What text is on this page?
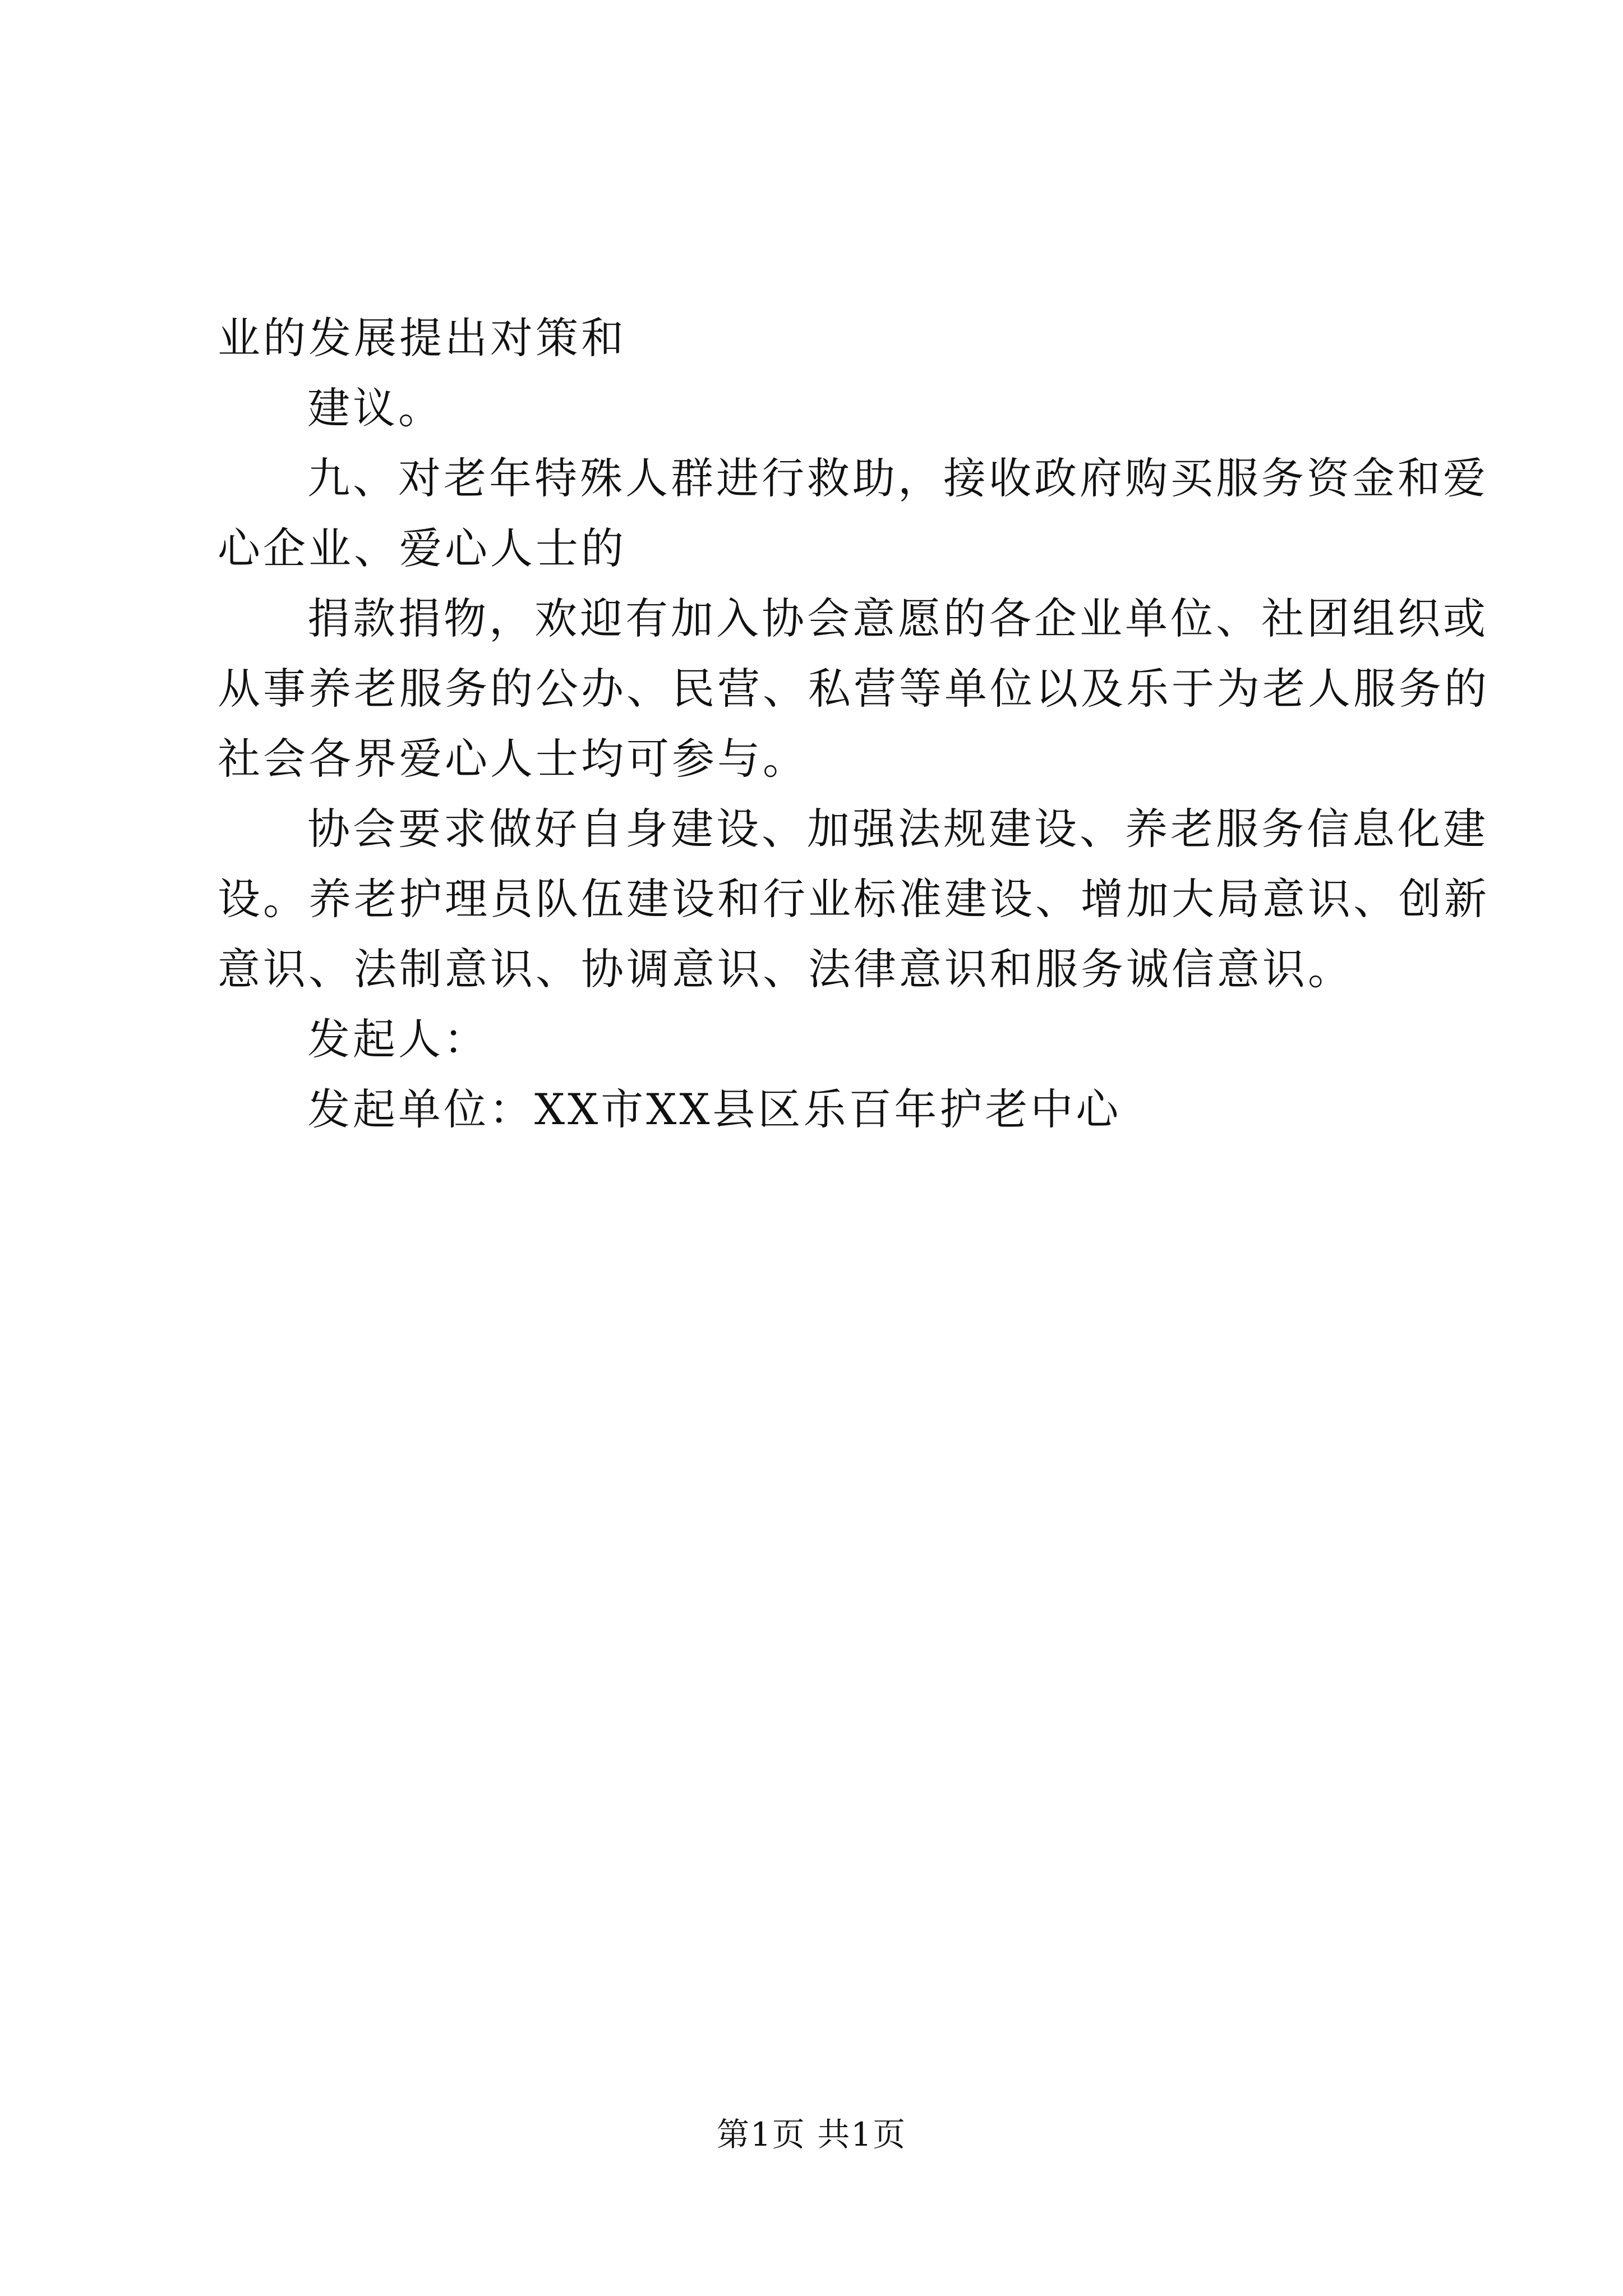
业的发展提出对策和
建议。
九、对老年特殊人群进行救助，接收政府购买服务资金和爱
心企业、爱心人士的
捐款捐物，欢迎有加入协会意愿的各企业单位、社团组织或
从事养老服务的公办、民营、私营等单位以及乐于为老人服务的
社会各界爱心人士均可参与。
协会要求做好自身建设、加强法规建设、养老服务信息化建
设。养老护理员队伍建设和行业标准建设、增加大局意识、创新
意识、法制意识、协调意识、法律意识和服务诚信意识。
发起人：
发起单位：XX市XX县区乐百年护老中心
第1页 共1页
